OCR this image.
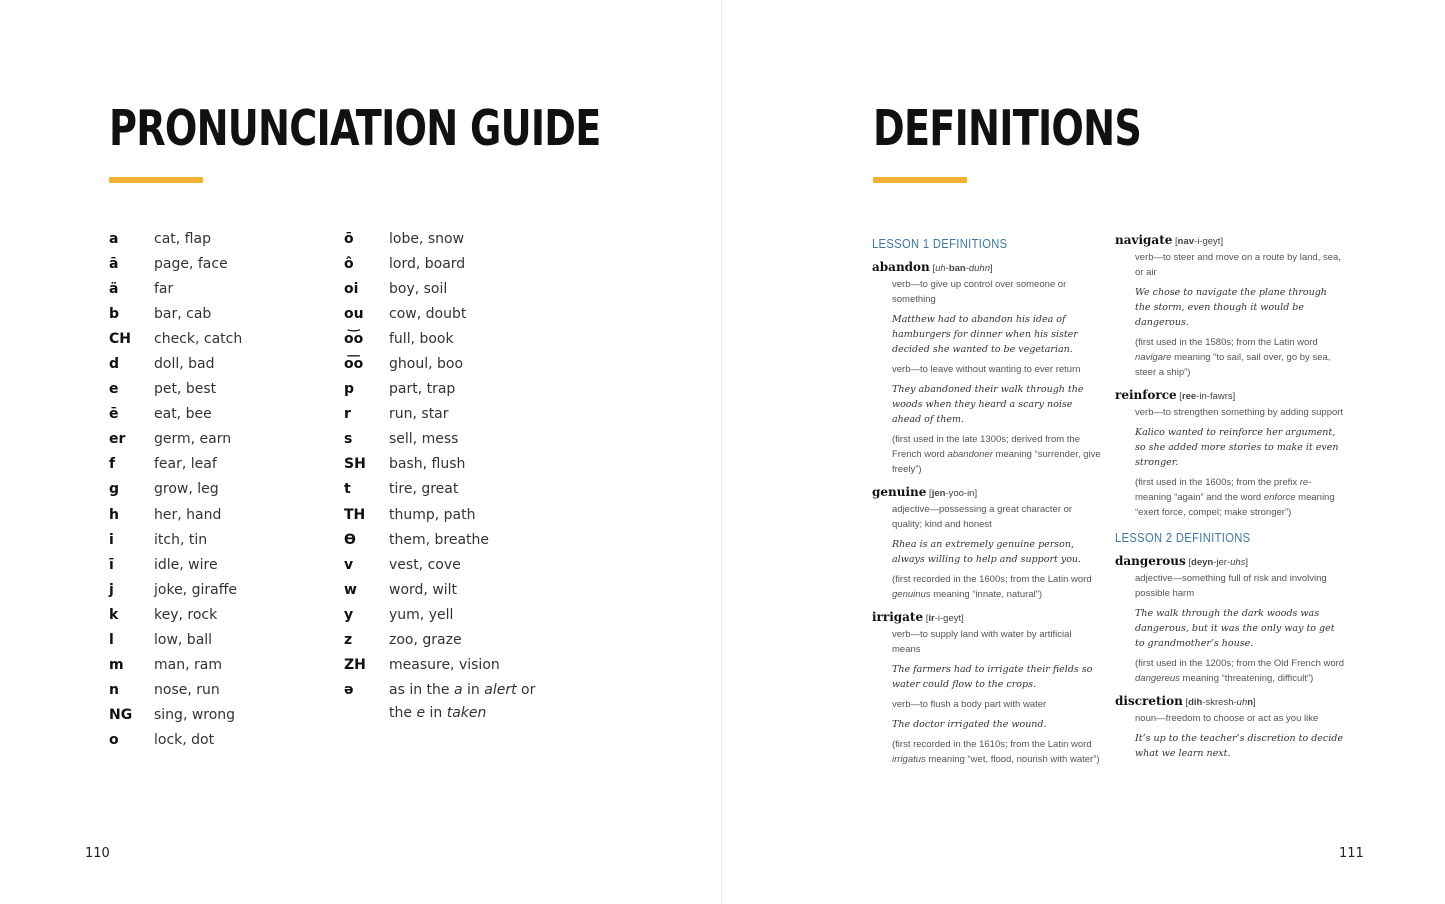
PRONUNCIATION GUIDE
a	cat, flap
ā	page, face
ä	far
b	bar, cab
CH	check, catch
d	doll, bad
e	pet, best
ē	eat, bee
er	germ, earn
f	fear, leaf
g	grow, leg
h	her, hand
i	itch, tin
ī	idle, wire
j	joke, giraffe
k	key, rock
l	low, ball
m	man, ram
n	nose, run
NG	sing, wrong
o	lock, dot
ō	lobe, snow
ô	lord, board
oi	boy, soil
ou	cow, doubt
o͝o	full, book
o͞o	ghoul, boo
p	part, trap
r	run, star
s	sell, mess
SH	bash, flush
t	tire, great
TH	thump, path
Ɵ	them, breathe
v	vest, cove
w	word, wilt
y	yum, yell
z	zoo, graze
ZH	measure, vision
ə	as in the a in alert or
the e in taken
110
DEFINITIONS
LESSON 1 DEFINITIONS
abandon [uh-ban-duhn]

verb—to give up control over someone or something

Matthew had to abandon his idea of hamburgers for dinner when his sister decided she wanted to be vegetarian.

verb—to leave without wanting to ever return

They abandoned their walk through the woods when they heard a scary noise ahead of them.

(first used in the late 1300s; derived from the French word abandoner meaning “surrender, give freely”)

genuine [jen-yoo-in]

adjective—possessing a great character or quality; kind and honest

Rhea is an extremely genuine person, always willing to help and support you.

(first recorded in the 1600s; from the Latin word genuinus meaning “innate, natural”)

irrigate [ir-i-geyt]

verb—to supply land with water by artificial means

The farmers had to irrigate their fields so water could flow to the crops.

verb—to flush a body part with water

The doctor irrigated the wound.

(first recorded in the 1610s; from the Latin word irrigatus meaning “wet, flood, nourish with water”)

navigate [nav-i-geyt]

verb—to steer and move on a route by land, sea, or air

We chose to navigate the plane through the storm, even though it would be dangerous.

(first used in the 1580s; from the Latin word navigare meaning “to sail, sail over, go by sea, steer a ship”)

reinforce [ree-in-fawrs]

verb—to strengthen something by adding support

Kalico wanted to reinforce her argument, so she added more stories to make it even stronger.

(first used in the 1600s; from the prefix re- meaning “again” and the word enforce meaning “exert force, compel; make stronger”)

LESSON 2 DEFINITIONS
dangerous [deyn-jer-uhs]

adjective—something full of risk and involving possible harm

The walk through the dark woods was dangerous, but it was the only way to get to grandmother’s house.

(first used in the 1200s; from the Old French word dangereus meaning “threatening, difficult”)

discretion [dih-skresh-uhn]

noun—freedom to choose or act as you like

It’s up to the teacher’s discretion to decide what we learn next.

111
